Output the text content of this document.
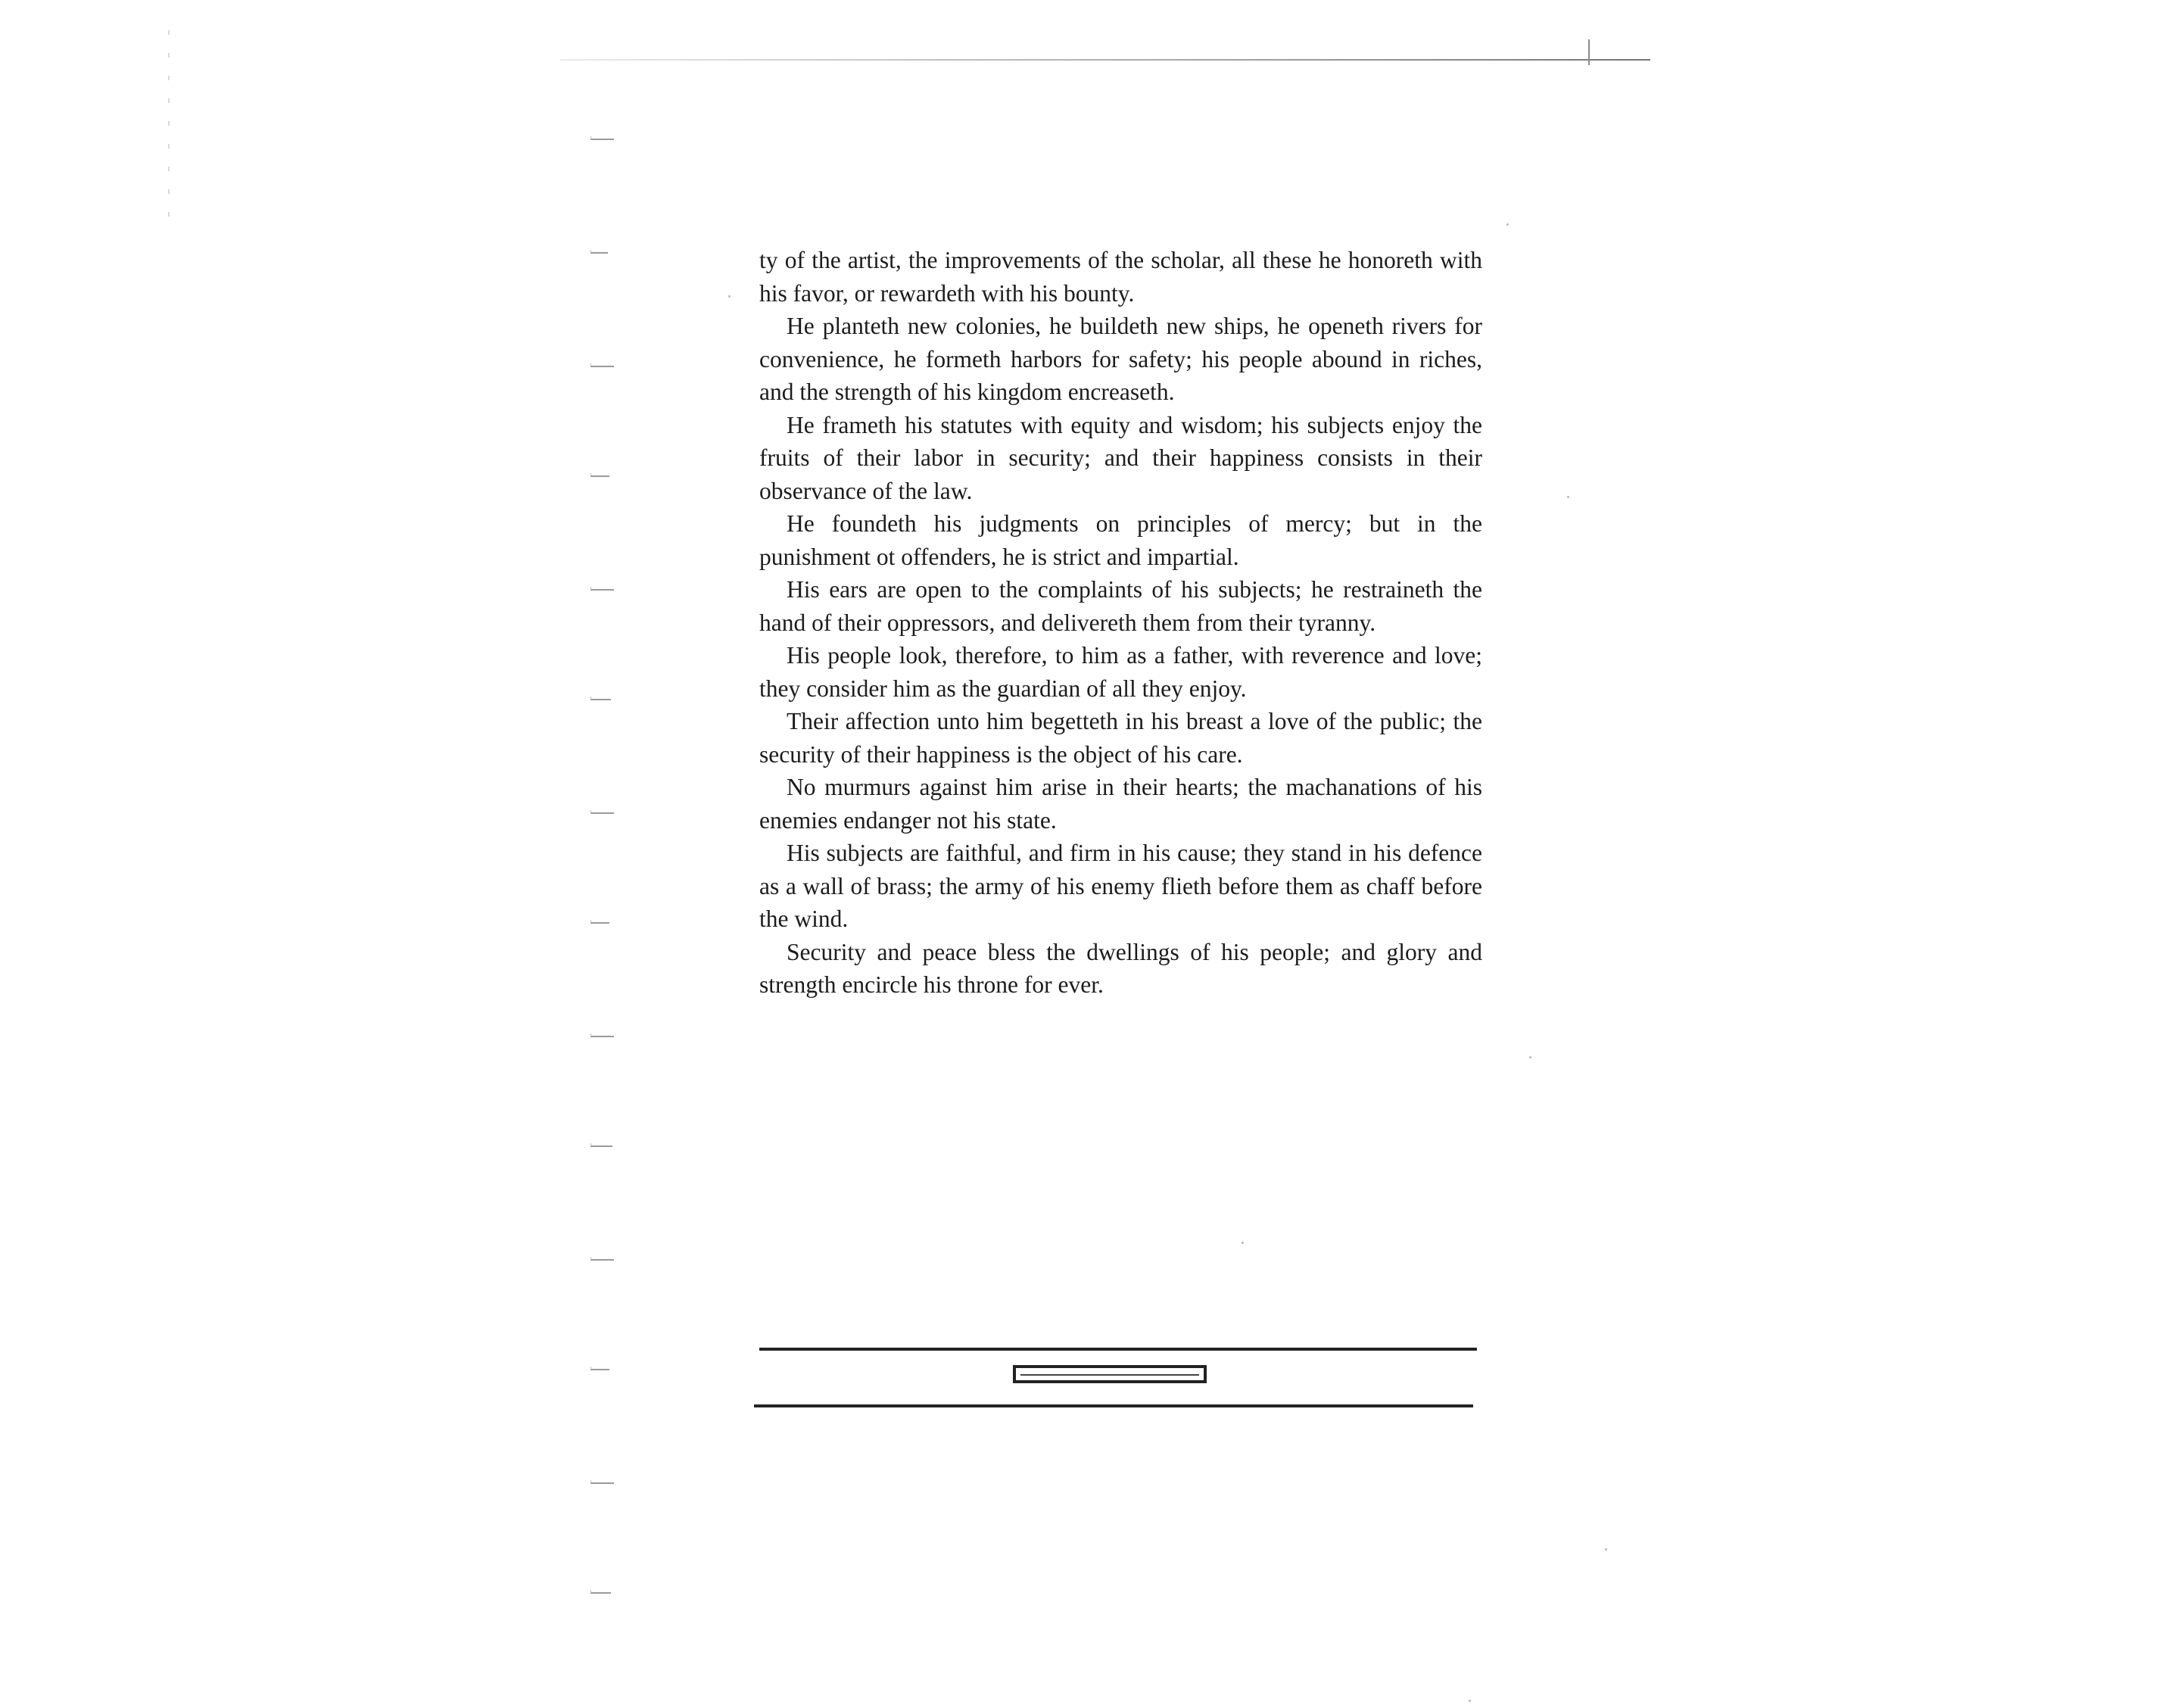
ty of the artist, the improvements of the scholar, all these he honoreth with his favor, or rewardeth with his bounty.

He planteth new colonies, he buildeth new ships, he openeth rivers for convenience, he formeth harbors for safety; his people abound in riches, and the strength of his kingdom encreaseth.

He frameth his statutes with equity and wisdom; his subjects enjoy the fruits of their labor in security; and their happiness consists in their observance of the law.

He foundeth his judgments on principles of mercy; but in the punishment ot offenders, he is strict and impartial.

His ears are open to the complaints of his subjects; he restraineth the hand of their oppressors, and delivereth them from their tyranny.

His people look, therefore, to him as a father, with reverence and love; they consider him as the guardian of all they enjoy.

Their affection unto him begetteth in his breast a love of the public; the security of their happiness is the object of his care.

No murmurs against him arise in their hearts; the machanations of his enemies endanger not his state.

His subjects are faithful, and firm in his cause; they stand in his defence as a wall of brass; the army of his enemy flieth before them as chaff before the wind.

Security and peace bless the dwellings of his people; and glory and strength encircle his throne for ever.
